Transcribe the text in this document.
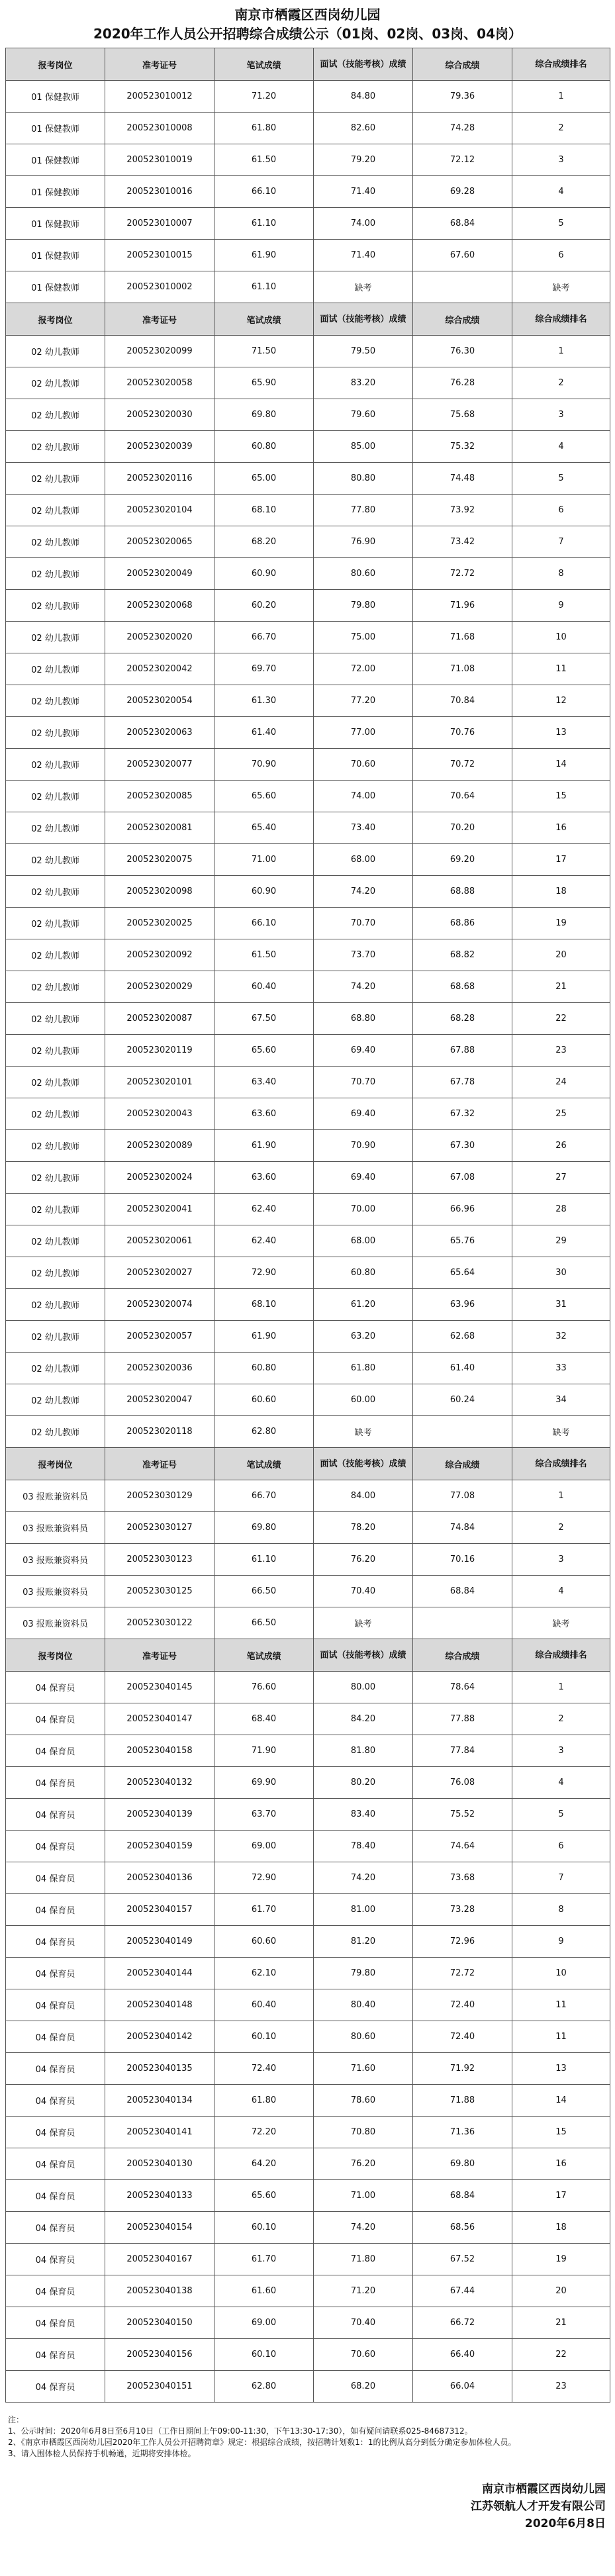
南京市栖霞区西岗幼儿园
2020年工作人员公开招聘综合成绩公示（01岗、02岗、03岗、04岗）
报考岗位	准考证号	笔试成绩	面试（技能考核）成绩	综合成绩	综合成绩排名
01 保健教师	200523010012	71.20	84.80	79.36	1
01 保健教师	200523010008	61.80	82.60	74.28	2
01 保健教师	200523010019	61.50	79.20	72.12	3
01 保健教师	200523010016	66.10	71.40	69.28	4
01 保健教师	200523010007	61.10	74.00	68.84	5
01 保健教师	200523010015	61.90	71.40	67.60	6
01 保健教师	200523010002	61.10	缺考		缺考
报考岗位	准考证号	笔试成绩	面试（技能考核）成绩	综合成绩	综合成绩排名
02 幼儿教师	200523020099	71.50	79.50	76.30	1
02 幼儿教师	200523020058	65.90	83.20	76.28	2
02 幼儿教师	200523020030	69.80	79.60	75.68	3
02 幼儿教师	200523020039	60.80	85.00	75.32	4
02 幼儿教师	200523020116	65.00	80.80	74.48	5
02 幼儿教师	200523020104	68.10	77.80	73.92	6
02 幼儿教师	200523020065	68.20	76.90	73.42	7
02 幼儿教师	200523020049	60.90	80.60	72.72	8
02 幼儿教师	200523020068	60.20	79.80	71.96	9
02 幼儿教师	200523020020	66.70	75.00	71.68	10
02 幼儿教师	200523020042	69.70	72.00	71.08	11
02 幼儿教师	200523020054	61.30	77.20	70.84	12
02 幼儿教师	200523020063	61.40	77.00	70.76	13
02 幼儿教师	200523020077	70.90	70.60	70.72	14
02 幼儿教师	200523020085	65.60	74.00	70.64	15
02 幼儿教师	200523020081	65.40	73.40	70.20	16
02 幼儿教师	200523020075	71.00	68.00	69.20	17
02 幼儿教师	200523020098	60.90	74.20	68.88	18
02 幼儿教师	200523020025	66.10	70.70	68.86	19
02 幼儿教师	200523020092	61.50	73.70	68.82	20
02 幼儿教师	200523020029	60.40	74.20	68.68	21
02 幼儿教师	200523020087	67.50	68.80	68.28	22
02 幼儿教师	200523020119	65.60	69.40	67.88	23
02 幼儿教师	200523020101	63.40	70.70	67.78	24
02 幼儿教师	200523020043	63.60	69.40	67.32	25
02 幼儿教师	200523020089	61.90	70.90	67.30	26
02 幼儿教师	200523020024	63.60	69.40	67.08	27
02 幼儿教师	200523020041	62.40	70.00	66.96	28
02 幼儿教师	200523020061	62.40	68.00	65.76	29
02 幼儿教师	200523020027	72.90	60.80	65.64	30
02 幼儿教师	200523020074	68.10	61.20	63.96	31
02 幼儿教师	200523020057	61.90	63.20	62.68	32
02 幼儿教师	200523020036	60.80	61.80	61.40	33
02 幼儿教师	200523020047	60.60	60.00	60.24	34
02 幼儿教师	200523020118	62.80	缺考		缺考
报考岗位	准考证号	笔试成绩	面试（技能考核）成绩	综合成绩	综合成绩排名
03 报账兼资料员	200523030129	66.70	84.00	77.08	1
03 报账兼资料员	200523030127	69.80	78.20	74.84	2
03 报账兼资料员	200523030123	61.10	76.20	70.16	3
03 报账兼资料员	200523030125	66.50	70.40	68.84	4
03 报账兼资料员	200523030122	66.50	缺考		缺考
报考岗位	准考证号	笔试成绩	面试（技能考核）成绩	综合成绩	综合成绩排名
04 保育员	200523040145	76.60	80.00	78.64	1
04 保育员	200523040147	68.40	84.20	77.88	2
04 保育员	200523040158	71.90	81.80	77.84	3
04 保育员	200523040132	69.90	80.20	76.08	4
04 保育员	200523040139	63.70	83.40	75.52	5
04 保育员	200523040159	69.00	78.40	74.64	6
04 保育员	200523040136	72.90	74.20	73.68	7
04 保育员	200523040157	61.70	81.00	73.28	8
04 保育员	200523040149	60.60	81.20	72.96	9
04 保育员	200523040144	62.10	79.80	72.72	10
04 保育员	200523040148	60.40	80.40	72.40	11
04 保育员	200523040142	60.10	80.60	72.40	11
04 保育员	200523040135	72.40	71.60	71.92	13
04 保育员	200523040134	61.80	78.60	71.88	14
04 保育员	200523040141	72.20	70.80	71.36	15
04 保育员	200523040130	64.20	76.20	69.80	16
04 保育员	200523040133	65.60	71.00	68.84	17
04 保育员	200523040154	60.10	74.20	68.56	18
04 保育员	200523040167	61.70	71.80	67.52	19
04 保育员	200523040138	61.60	71.20	67.44	20
04 保育员	200523040150	69.00	70.40	66.72	21
04 保育员	200523040156	60.10	70.60	66.40	22
04 保育员	200523040151	62.80	68.20	66.04	23
注：
1、公示时间：2020年6月8日至6月10日（工作日期间上午09:00-11:30，下午13:30-17:30），如有疑问请联系025-84687312。
2、《南京市栖霞区西岗幼儿园2020年工作人员公开招聘简章》规定：根据综合成绩，按招聘计划数1：1的比例从高分到低分确定参加体检人员。
3、请入围体检人员保持手机畅通，近期将安排体检。
南京市栖霞区西岗幼儿园
江苏领航人才开发有限公司
2020年6月8日
